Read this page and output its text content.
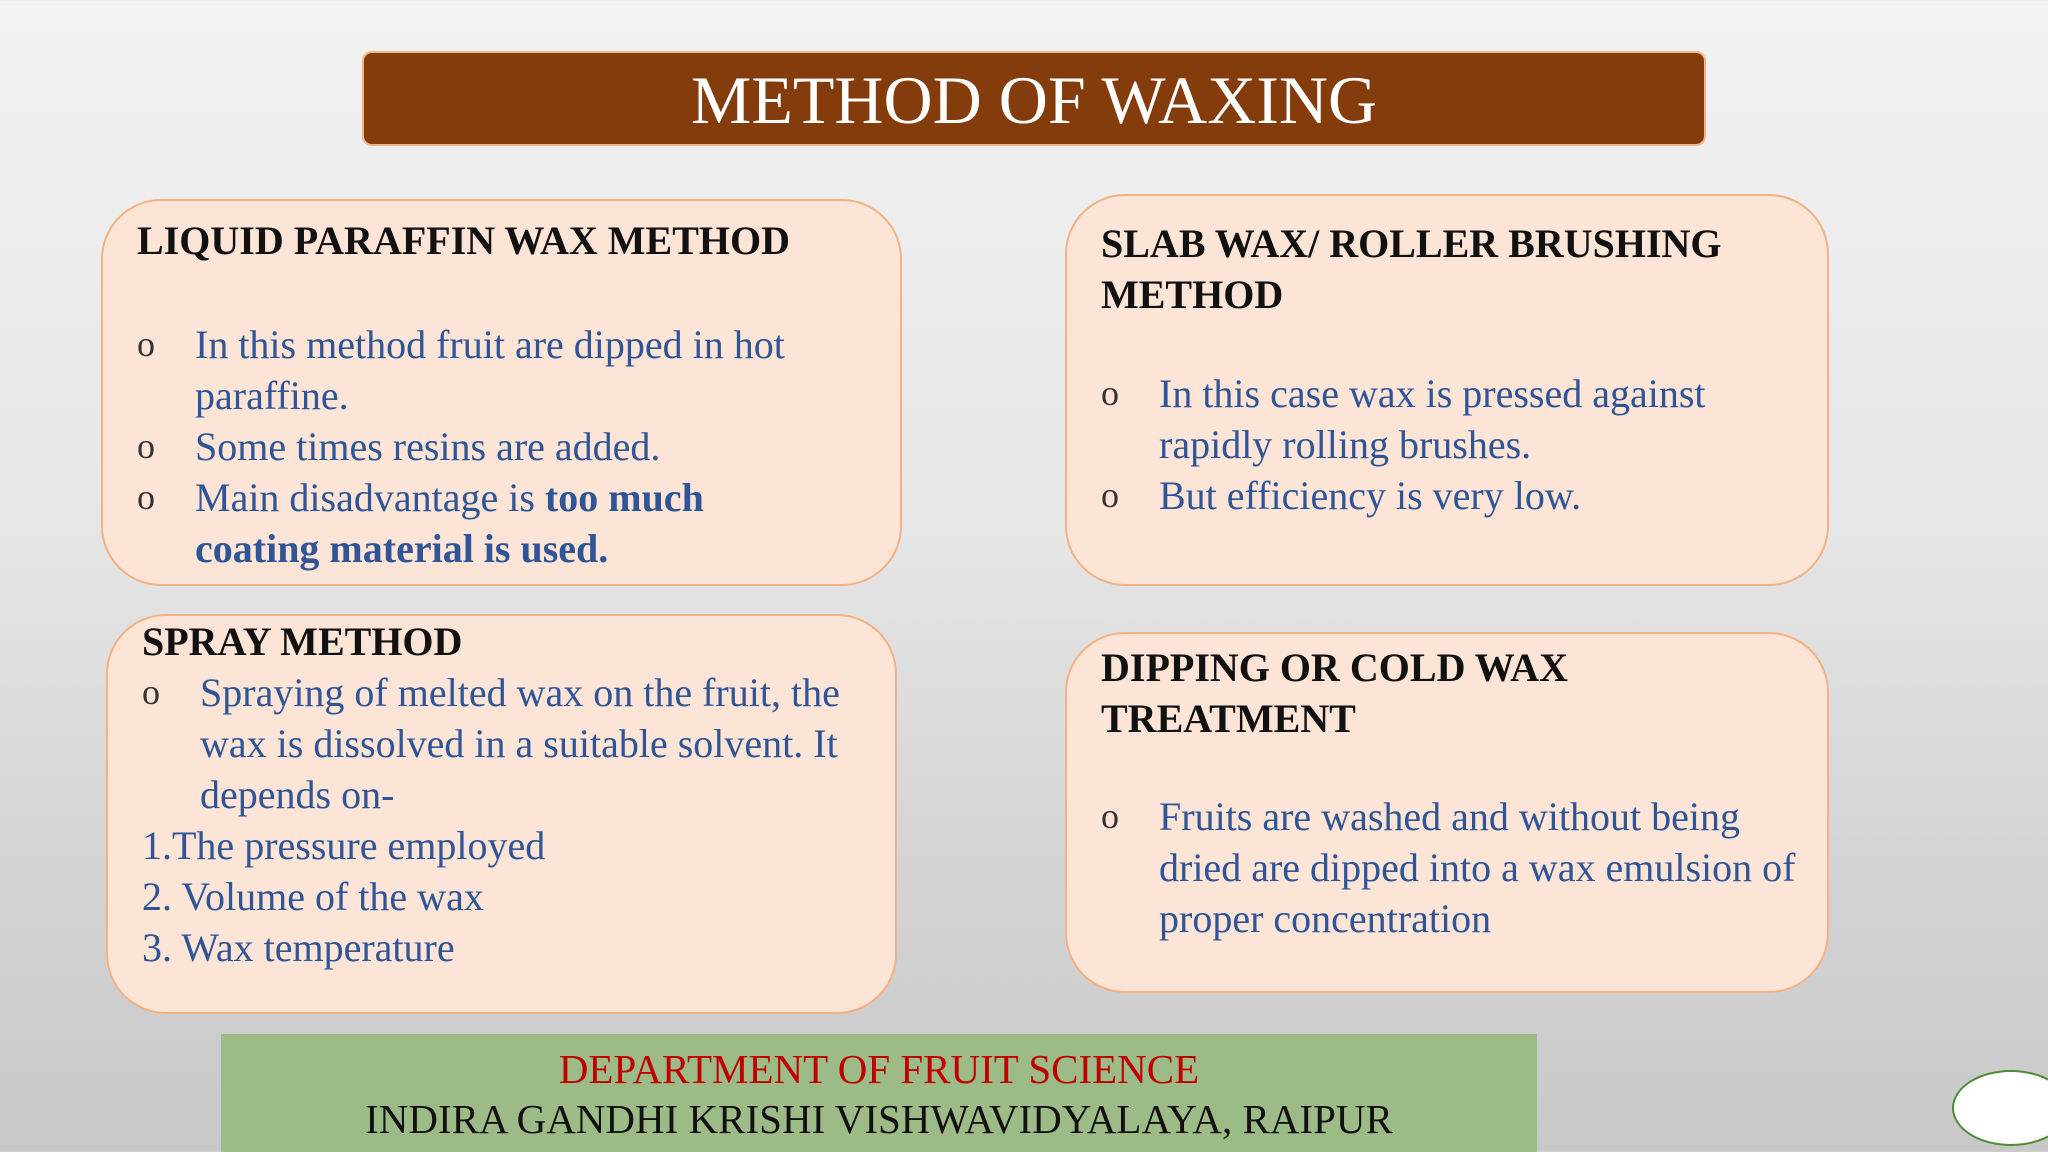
METHOD OF WAXING
LIQUID PARAFFIN WAX METHOD
o	In this method fruit are dipped in hot paraffine.
o	Some times resins are added.
o	Main disadvantage is too much coating material is used.
SLAB WAX/ ROLLER BRUSHING METHOD
o	In this case wax is pressed against rapidly rolling brushes.
o	But efficiency is very low.
SPRAY METHOD
o	Spraying of melted wax on the fruit, the wax is dissolved in a suitable solvent. It depends on-
1.The pressure employed
2. Volume of the wax
3. Wax temperature
DIPPING OR COLD WAX TREATMENT
o	Fruits are washed and without being dried are dipped into a wax emulsion of proper concentration
DEPARTMENT OF FRUIT SCIENCE
INDIRA GANDHI KRISHI VISHWAVIDYALAYA, RAIPUR
